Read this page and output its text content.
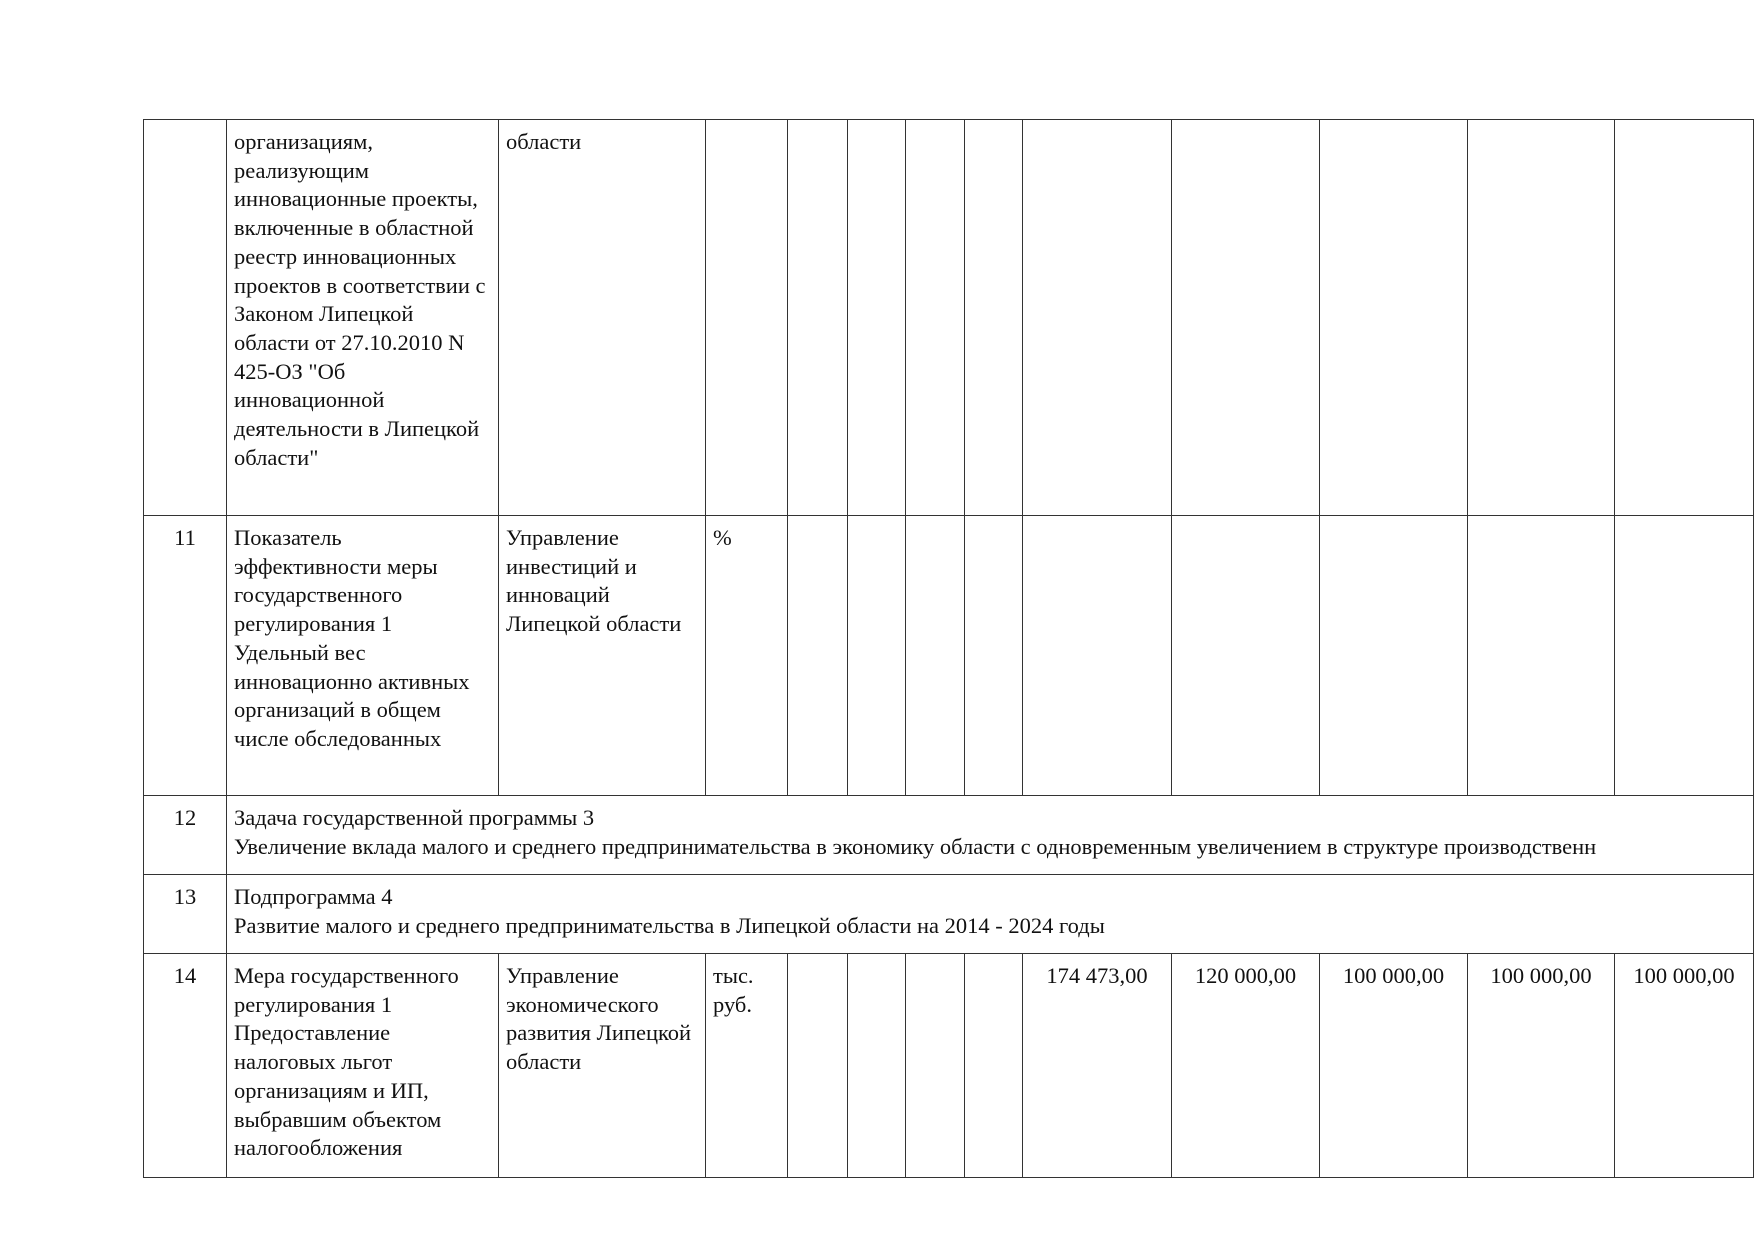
	организациям, реализующим инновационные проекты, включенные в областной реестр инновационных проектов в соответствии с Законом Липецкой области от 27.10.2010 N 425-ОЗ "Об инновационной деятельности в Липецкой области"	области										
11	Показатель эффективности меры государственного регулирования 1 Удельный вес инновационно активных организаций в общем числе обследованных	Управление инвестиций и инноваций Липецкой области	%									
12	Задача государственной программы 3
Увеличение вклада малого и среднего предпринимательства в экономику области с одновременным увеличением в структуре производственн											

13	Подпрограмма 4
Развитие малого и среднего предпринимательства в Липецкой области на 2014 - 2024 годы											

14	Мера государственного регулирования 1 Предоставление налоговых льгот организациям и ИП, выбравшим объектом налогообложения	Управление экономического развития Липецкой области	тыс. руб.					174 473,00	120 000,00	100 000,00	100 000,00	100 000,00
